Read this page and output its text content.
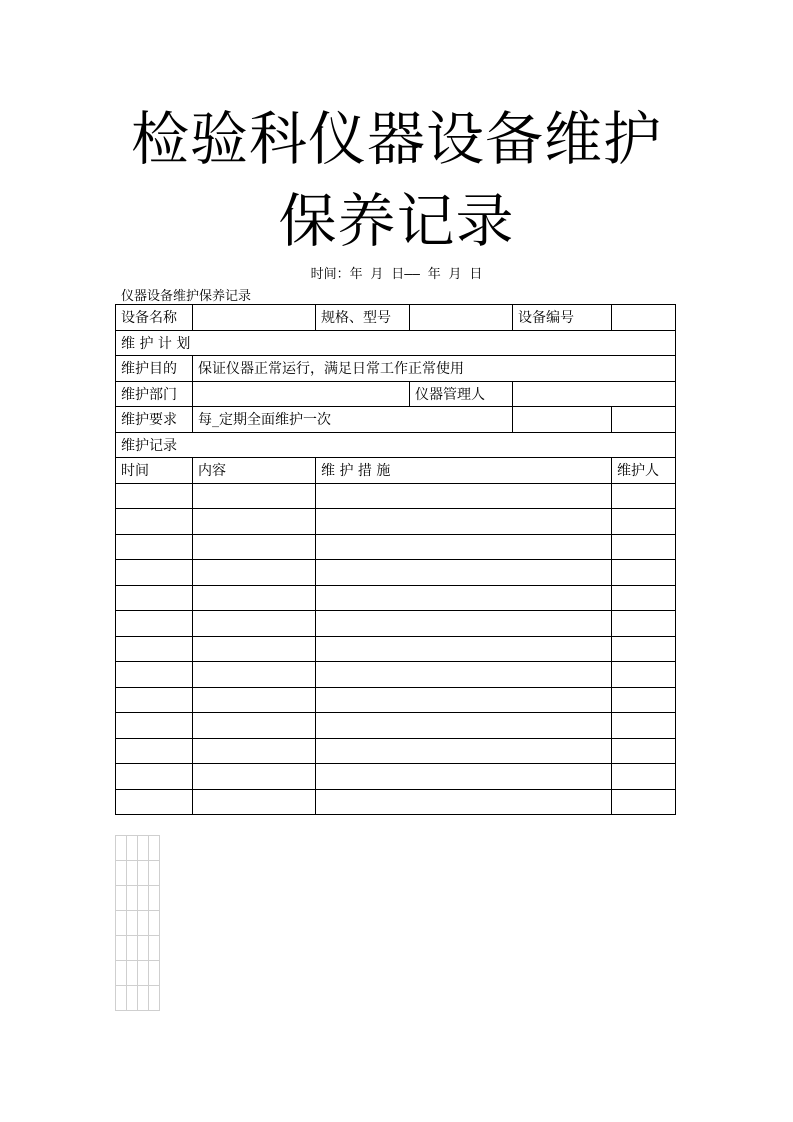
检验科仪器设备维护
保养记录
时间：年 月 日—— 年 月 日
仪器设备维护保养记录
设备名称		规格、型号		设备编号	
维 护 计 划					
维护目的	保证仪器正常运行，满足日常工作正常使用				
维护部门			仪器管理人		
维护要求	每_定期全面维护一次				
维护记录					
时间	内容	维 护 措 施			维护人
